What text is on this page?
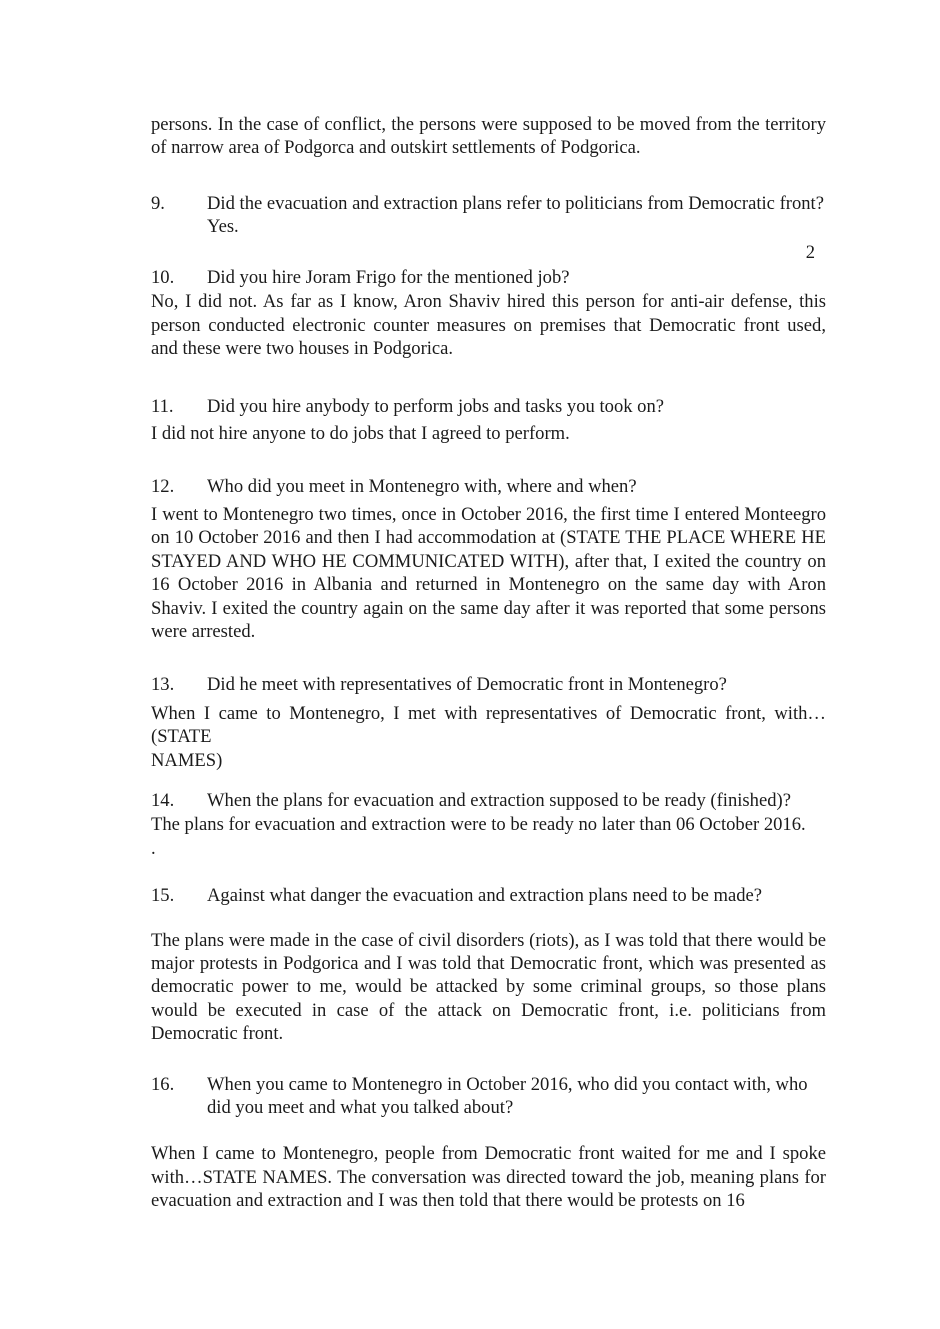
persons. In the case of conflict, the persons were supposed to be moved from the territory of narrow area of Podgorca and outskirt settlements of Podgorica.

9.	Did the evacuation and extraction plans refer to politicians from Democratic front?
Yes.
2
10.	Did you hire Joram Frigo for the mentioned job?

No, I did not. As far as I know, Aron Shaviv hired this person for anti-air defense, this person conducted electronic counter measures on premises that Democratic front used, and these were two houses in Podgorica.

11.	Did you hire anybody to perform jobs and tasks you took on?

I did not hire anyone to do jobs that I agreed to perform.

12.	Who did you meet in Montenegro with, where and when?

I went to Montenegro two times, once in October 2016, the first time I entered Monteegro on 10 October 2016 and then I had accommodation at (STATE THE PLACE WHERE HE STAYED AND WHO HE COMMUNICATED WITH), after that, I exited the country on 16 October 2016 in Albania and returned in Montenegro on the same day with Aron Shaviv. I exited the country again on the same day after it was reported that some persons were arrested.

13.	Did he meet with representatives of Democratic front in Montenegro?
When I came to Montenegro, I met with representatives of Democratic front, with…
(STATE
NAMES)
14.	When the plans for evacuation and extraction supposed to be ready (finished)?

The plans for evacuation and extraction were to be ready no later than 06 October 2016.

.
15.	Against what danger the evacuation and extraction plans need to be made?

The plans were made in the case of civil disorders (riots), as I was told that there would be major protests in Podgorica and I was told that Democratic front, which was presented as democratic power to me, would be attacked by some criminal groups, so those plans would be executed in case of the attack on Democratic front, i.e. politicians from Democratic front.

16.	When you came to Montenegro in October 2016, who did you contact with, who did you meet and what you talked about?

When I came to Montenegro, people from Democratic front waited for me and I spoke with…STATE NAMES. The conversation was directed toward the job, meaning plans for evacuation and extraction and I was then told that there would be protests on 16
